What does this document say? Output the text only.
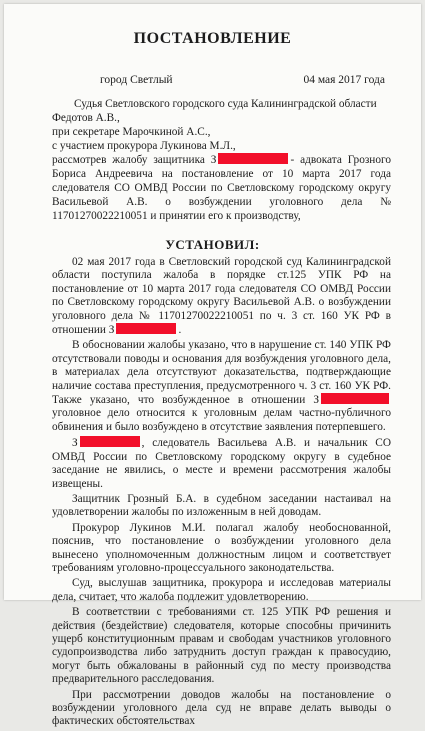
ПОСТАНОВЛЕНИЕ
город Светлый	04 мая 2017 года

Судья Светловского городского суда Калининградской области Федотов А.В.,

при секретаре Марочкиной А.С.,

с участием прокурора Лукинова М.Л.,

рассмотрев жалобу защитника З	- адвоката Грозного Бориса Андреевича на постановление от 10 марта 2017 года следователя СО ОМВД России по Светловскому городскому округу Васильевой А.В. о возбуждении уголовного дела № 11701270022210051 и принятии его к производству,

УСТАНОВИЛ:

02 мая 2017 года в Светловский городской суд Калининградской области поступила жалоба в порядке ст.125 УПК РФ на постановление от 10 марта 2017 года следователя СО ОМВД России по Светловскому городскому округу Васильевой А.В. о возбуждении уголовного дела № 11701270022210051 по ч. 3 ст. 160 УК РФ в отношении З	.

В обосновании жалобы указано, что в нарушение ст. 140 УПК РФ отсутствовали поводы и основания для возбуждения уголовного дела, в материалах дела отсутствуют доказательства, подтверждающие наличие состава преступления, предусмотренного ч. 3 ст. 160 УК РФ. Также указано, что возбужденное в отношении Зуголовное дело относится к уголовным делам частно-публичного обвинения и было возбуждено в отсутствие заявления потерпевшего.

З	, следователь Васильева А.В. и начальник СО ОМВД России по Светловскому городскому округу в судебное заседание не явились, о месте и времени рассмотрения жалобы извещены.

Защитник Грозный Б.А. в судебном заседании настаивал на удовлетворении жалобы по изложенным в ней доводам.

Прокурор Лукинов М.И. полагал жалобу необоснованной, пояснив, что постановление о возбуждении уголовного дела вынесено уполномоченным должностным лицом и соответствует требованиям уголовно-процессуального законодательства.

Суд, выслушав защитника, прокурора и исследовав материалы дела, считает, что жалоба подлежит удовлетворению.

В соответствии с требованиями ст. 125 УПК РФ решения и действия (бездействие) следователя, которые способны причинить ущерб конституционным правам и свободам участников уголовного судопроизводства либо затруднить доступ граждан к правосудию, могут быть обжалованы в районный суд по месту производства предварительного расследования.

При рассмотрении доводов жалобы на постановление о возбуждении уголовного дела суд не вправе делать выводы о фактических обстоятельствах
